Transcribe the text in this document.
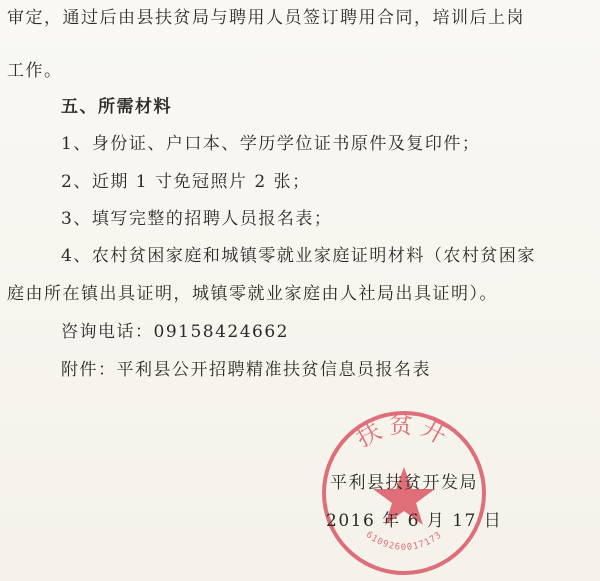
审定，通过后由县扶贫局与聘用人员签订聘用合同，培训后上岗
工作。
五、所需材料
1、身份证、户口本、学历学位证书原件及复印件；
2、近期 1 寸免冠照片 2 张；
3、填写完整的招聘人员报名表；
4、农村贫困家庭和城镇零就业家庭证明材料（农村贫困家
庭由所在镇出具证明，城镇零就业家庭由人社局出具证明）。
咨询电话：09158424662
附件：平利县公开招聘精准扶贫信息员报名表
扶贫开
6109260017173
平利县扶贫开发局
2016 年 6 月 17 日
